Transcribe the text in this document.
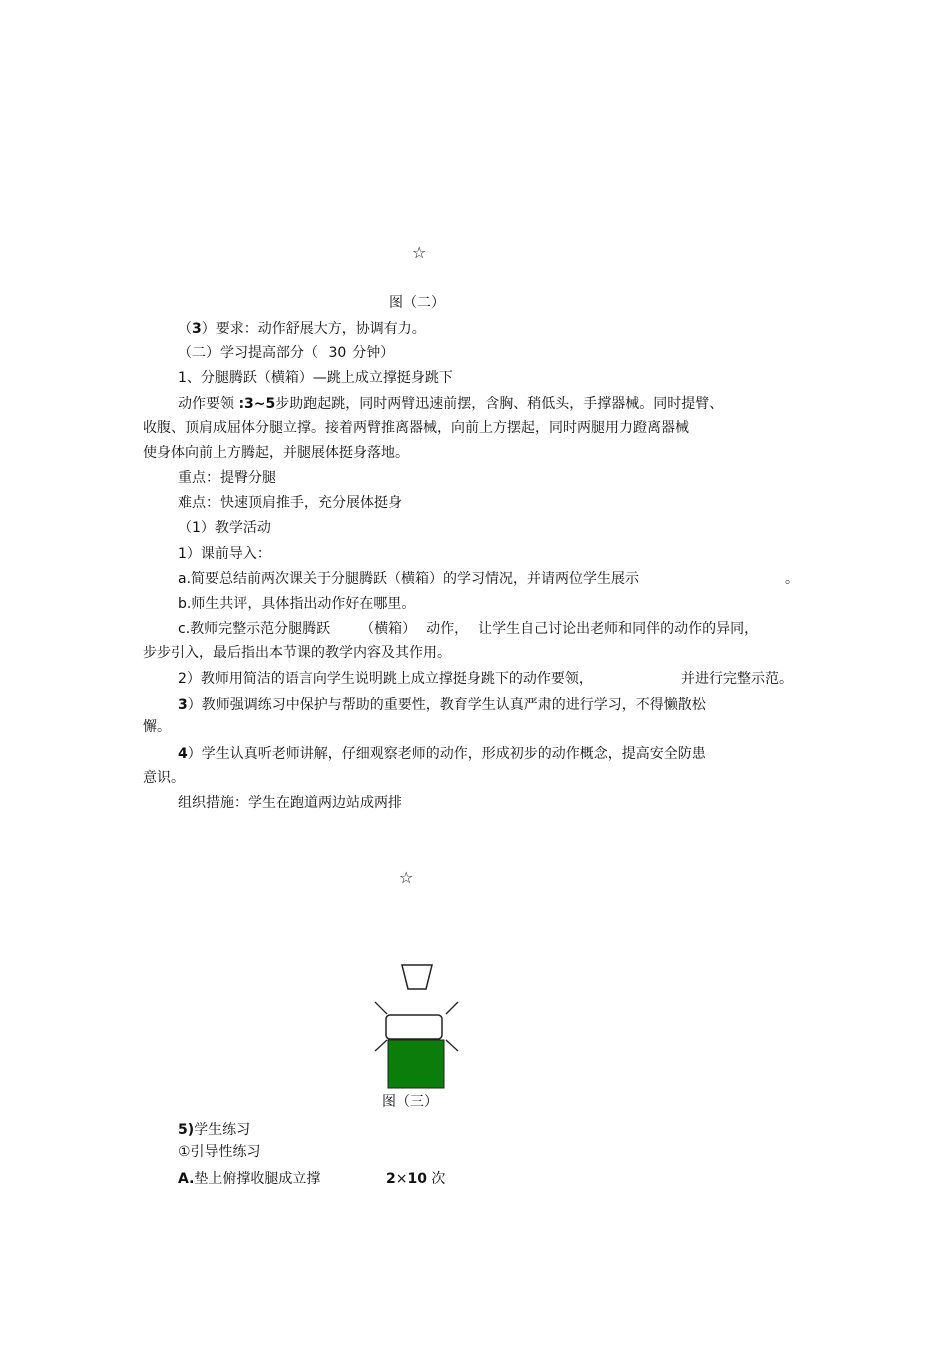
☆
图（二）
（3）要求：动作舒展大方，协调有力。
（二）学习提高部分（ 30 分钟）
1、分腿腾跃（横箱）—跳上成立撑挺身跳下
动作要领 :3~5步助跑起跳，同时两臂迅速前摆，含胸、稍低头，手撑器械。同时提臂、
收腹、顶肩成屈体分腿立撑。接着两臂推离器械，向前上方摆起，同时两腿用力蹬离器械
使身体向前上方腾起，并腿展体挺身落地。
重点：提臀分腿
难点：快速顶肩推手，充分展体挺身
（1）教学活动
1）课前导入：
a.简要总结前两次课关于分腿腾跃（横箱）的学习情况，并请两位学生展示	。
b.师生共评，具体指出动作好在哪里。
c.教师完整示范分腿腾跃 （横箱） 动作， 让学生自己讨论出老师和同伴的动作的异同，
步步引入，最后指出本节课的教学内容及其作用。
2）教师用简洁的语言向学生说明跳上成立撑挺身跳下的动作要领，	并进行完整示范。
3）教师强调练习中保护与帮助的重要性，教育学生认真严肃的进行学习，不得懒散松
懈。
4）学生认真听老师讲解，仔细观察老师的动作，形成初步的动作概念，提高安全防患
意识。
组织措施：学生在跑道两边站成两排
☆
图（三）
5)学生练习
①引导性练习
A.垫上俯撑收腿成立撑	2×10 次
